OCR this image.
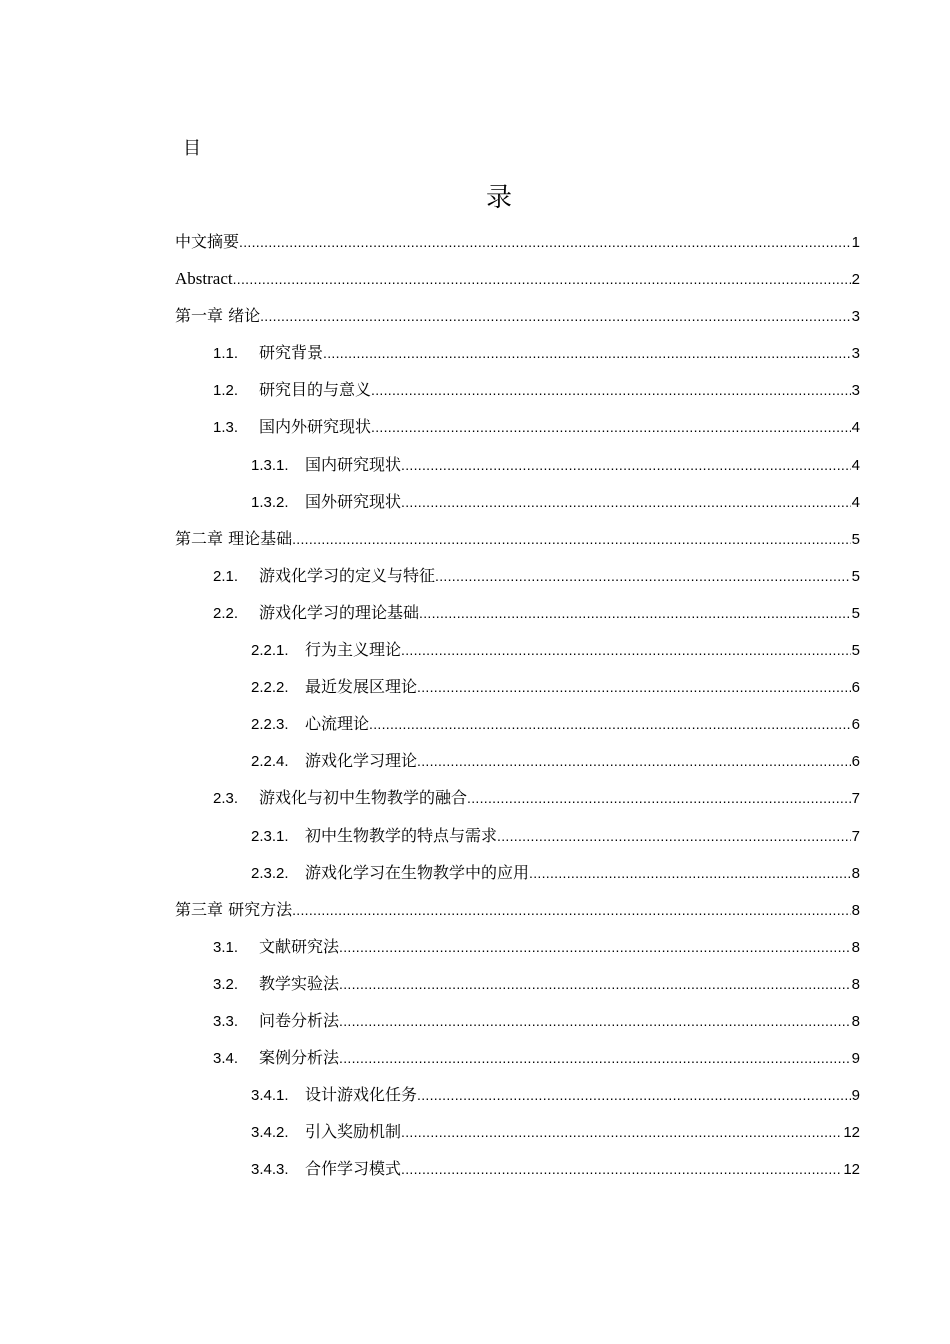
目
录
中文摘要 .....	1
Abstract .....	2
第一章 绪论 .....	3
1.1.	研究背景 .....	3
1.2.	研究目的与意义 .....	3
1.3.	国内外研究现状 .....	4
1.3.1.	国内研究现状 .....	4
1.3.2.	国外研究现状 .....	4
第二章 理论基础 .....	5
2.1.	游戏化学习的定义与特征 .....	5
2.2.	游戏化学习的理论基础 .....	5
2.2.1.	行为主义理论 .....	5
2.2.2.	最近发展区理论 .....	6
2.2.3.	心流理论 .....	6
2.2.4.	游戏化学习理论 .....	6
2.3.	游戏化与初中生物教学的融合 .....	7
2.3.1.	初中生物教学的特点与需求 .....	7
2.3.2.	游戏化学习在生物教学中的应用 .....	8
第三章 研究方法 .....	8
3.1.	文献研究法 .....	8
3.2.	教学实验法 .....	8
3.3.	问卷分析法 .....	8
3.4.	案例分析法 .....	9
3.4.1.	设计游戏化任务 .....	9
3.4.2.	引入奖励机制 .....	12
3.4.3.	合作学习模式 .....	12
